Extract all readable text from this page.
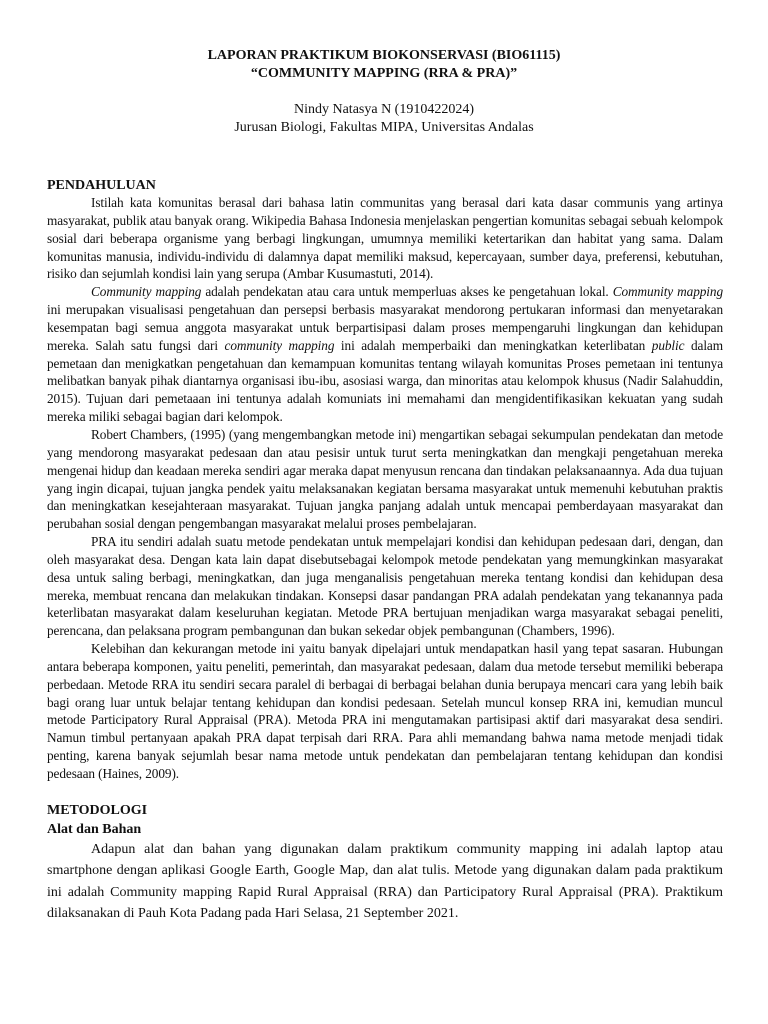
LAPORAN PRAKTIKUM BIOKONSERVASI (BIO61115)
“COMMUNITY MAPPING (RRA & PRA)”
Nindy Natasya N (1910422024)
Jurusan Biologi, Fakultas MIPA, Universitas Andalas
PENDAHULUAN

Istilah kata komunitas berasal dari bahasa latin communitas yang berasal dari kata dasar communis yang artinya masyarakat, publik atau banyak orang. Wikipedia Bahasa Indonesia menjelaskan pengertian komunitas sebagai sebuah kelompok sosial dari beberapa organisme yang berbagi lingkungan, umumnya memiliki ketertarikan dan habitat yang sama. Dalam komunitas manusia, individu-individu di dalamnya dapat memiliki maksud, kepercayaan, sumber daya, preferensi, kebutuhan, risiko dan sejumlah kondisi lain yang serupa (Ambar Kusumastuti, 2014).

Community mapping adalah pendekatan atau cara untuk memperluas akses ke pengetahuan lokal. Community mapping ini merupakan visualisasi pengetahuan dan persepsi berbasis masyarakat mendorong pertukaran informasi dan menyetarakan kesempatan bagi semua anggota masyarakat untuk berpartisipasi dalam proses mempengaruhi lingkungan dan kehidupan mereka. Salah satu fungsi dari community mapping ini adalah memperbaiki dan meningkatkan keterlibatan public dalam pemetaan dan menigkatkan pengetahuan dan kemampuan komunitas tentang wilayah komunitas Proses pemetaan ini tentunya melibatkan banyak pihak diantarnya organisasi ibu-ibu, asosiasi warga, dan minoritas atau kelompok khusus (Nadir Salahuddin, 2015). Tujuan dari pemetaaan ini tentunya adalah komuniats ini memahami dan mengidentifikasikan kekuatan yang sudah mereka miliki sebagai bagian dari kelompok.

Robert Chambers, (1995) (yang mengembangkan metode ini) mengartikan sebagai sekumpulan pendekatan dan metode yang mendorong masyarakat pedesaan dan atau pesisir untuk turut serta meningkatkan dan mengkaji pengetahuan mereka mengenai hidup dan keadaan mereka sendiri agar meraka dapat menyusun rencana dan tindakan pelaksanaannya. Ada dua tujuan yang ingin dicapai, tujuan jangka pendek yaitu melaksanakan kegiatan bersama masyarakat untuk memenuhi kebutuhan praktis dan meningkatkan kesejahteraan masyarakat. Tujuan jangka panjang adalah untuk mencapai pemberdayaan masyarakat dan perubahan sosial dengan pengembangan masyarakat melalui proses pembelajaran.

PRA itu sendiri adalah suatu metode pendekatan untuk mempelajari kondisi dan kehidupan pedesaan dari, dengan, dan oleh masyarakat desa. Dengan kata lain dapat disebutsebagai kelompok metode pendekatan yang memungkinkan masyarakat desa untuk saling berbagi, meningkatkan, dan juga menganalisis pengetahuan mereka tentang kondisi dan kehidupan desa mereka, membuat rencana dan melakukan tindakan. Konsepsi dasar pandangan PRA adalah pendekatan yang tekanannya pada keterlibatan masyarakat dalam keseluruhan kegiatan. Metode PRA bertujuan menjadikan warga masyarakat sebagai peneliti, perencana, dan pelaksana program pembangunan dan bukan sekedar objek pembangunan (Chambers, 1996).

Kelebihan dan kekurangan metode ini yaitu banyak dipelajari untuk mendapatkan hasil yang tepat sasaran. Hubungan antara beberapa komponen, yaitu peneliti, pemerintah, dan masyarakat pedesaan, dalam dua metode tersebut memiliki beberapa perbedaan. Metode RRA itu sendiri secara paralel di berbagai di berbagai belahan dunia berupaya mencari cara yang lebih baik bagi orang luar untuk belajar tentang kehidupan dan kondisi pedesaan. Setelah muncul konsep RRA ini, kemudian muncul metode Participatory Rural Appraisal (PRA). Metoda PRA ini mengutamakan partisipasi aktif dari masyarakat desa sendiri. Namun timbul pertanyaan apakah PRA dapat terpisah dari RRA. Para ahli memandang bahwa nama metode menjadi tidak penting, karena banyak sejumlah besar nama metode untuk pendekatan dan pembelajaran tentang kehidupan dan kondisi pedesaan (Haines, 2009).

METODOLOGI
Alat dan Bahan

Adapun alat dan bahan yang digunakan dalam praktikum community mapping ini adalah laptop atau smartphone dengan aplikasi Google Earth, Google Map, dan alat tulis. Metode yang digunakan dalam pada praktikum ini adalah Community mapping Rapid Rural Appraisal (RRA) dan Participatory Rural Appraisal (PRA). Praktikum dilaksanakan di Pauh Kota Padang pada Hari Selasa, 21 September 2021.
